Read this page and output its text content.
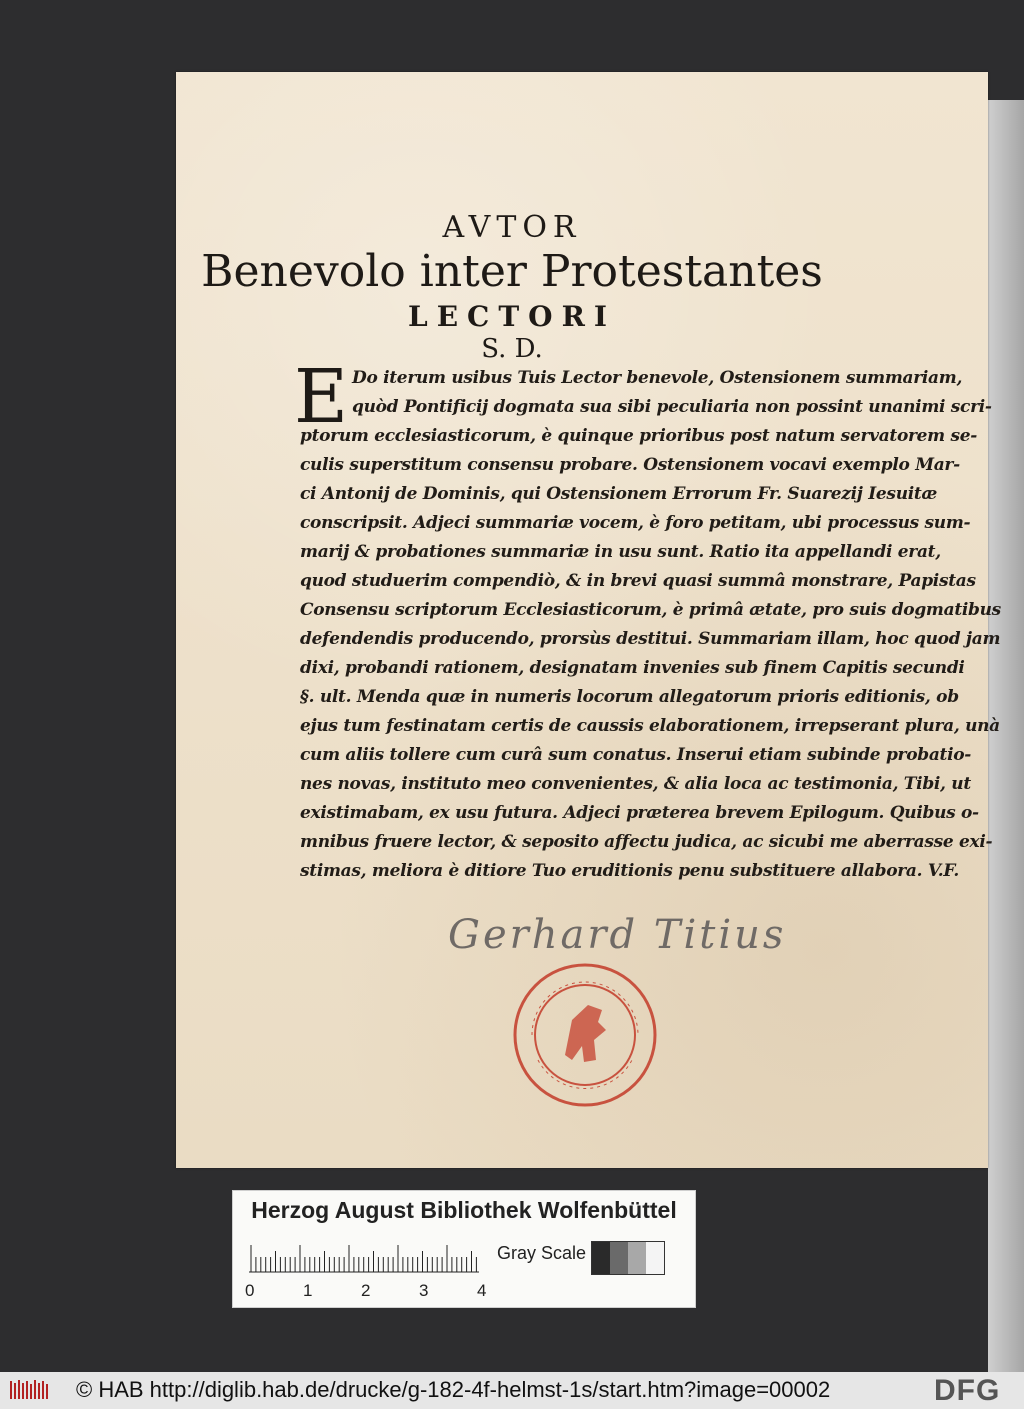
AVTOR
Benevolo inter Protestantes
LECTORI
S. D.
E Do iterum usibus Tuis Lector benevole, Ostensionem summariam,
quòd Pontificij dogmata sua sibi peculiaria non possint unanimi scri-
ptorum ecclesiasticorum, è quinque prioribus post natum servatorem se-
culis superstitum consensu probare. Ostensionem vocavi exemplo Mar-
ci Antonij de Dominis, qui Ostensionem Errorum Fr. Suarezij Iesuitæ
conscripsit. Adjeci summariæ vocem, è foro petitam, ubi processus sum-
marij & probationes summariæ in usu sunt. Ratio ita appellandi erat,
quod studuerim compendiò, & in brevi quasi summâ monstrare, Papistas
Consensu scriptorum Ecclesiasticorum, è primâ ætate, pro suis dogmatibus
defendendis producendo, prorsùs destitui. Summariam illam, hoc quod jam
dixi, probandi rationem, designatam invenies sub finem Capitis secundi
§. ult. Menda quæ in numeris locorum allegatorum prioris editionis, ob
ejus tum festinatam certis de caussis elaborationem, irrepserant plura, unà
cum aliis tollere cum curâ sum conatus. Inserui etiam subinde probatio-
nes novas, instituto meo convenientes, & alia loca ac testimonia, Tibi, ut
existimabam, ex usu futura. Adjeci præterea brevem Epilogum. Quibus o-
mnibus fruere lector, & seposito affectu judica, ac sicubi me aberrasse exi-
stimas, meliora è ditiore Tuo eruditionis penu substituere allabora. V.F.
Gerhard Titius
Herzog August Bibliothek Wolfenbüttel
0	1	2	3	4
Gray Scale
© HAB http://diglib.hab.de/drucke/g-182-4f-helmst-1s/start.htm?image=00002	DFG
